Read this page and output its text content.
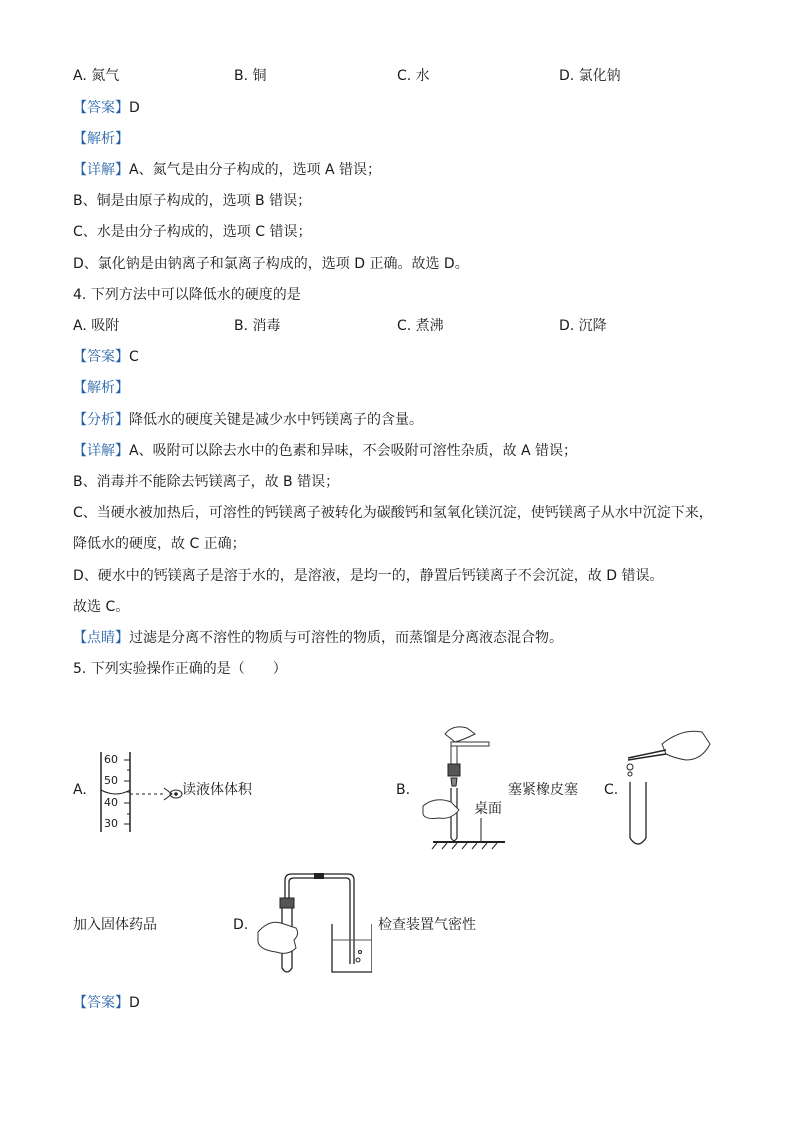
A. 氮气	B. 铜	C. 水	D. 氯化钠
【答案】D
【解析】
【详解】A、氮气是由分子构成的，选项 A 错误；
B、铜是由原子构成的，选项 B 错误；
C、水是由分子构成的，选项 C 错误；
D、氯化钠是由钠离子和氯离子构成的，选项 D 正确。故选 D。
4. 下列方法中可以降低水的硬度的是
A. 吸附	B. 消毒	C. 煮沸	D. 沉降
【答案】C
【解析】
【分析】降低水的硬度关键是减少水中钙镁离子的含量。
【详解】A、吸附可以除去水中的色素和异味，不会吸附可溶性杂质，故 A 错误；
B、消毒并不能除去钙镁离子，故 B 错误；
C、当硬水被加热后，可溶性的钙镁离子被转化为碳酸钙和氢氧化镁沉淀，使钙镁离子从水中沉淀下来，
降低水的硬度，故 C 正确；
D、硬水中的钙镁离子是溶于水的，是溶液，是均一的，静置后钙镁离子不会沉淀，故 D 错误。
故选 C。
【点睛】过滤是分离不溶性的物质与可溶性的物质，而蒸馏是分离液态混合物。
5. 下列实验操作正确的是（　　）
A.
60
50
40
30
读液体体积	B.
桌面
塞紧橡皮塞 C.
加入固体药品	D.	检查装置气密性
【答案】D
